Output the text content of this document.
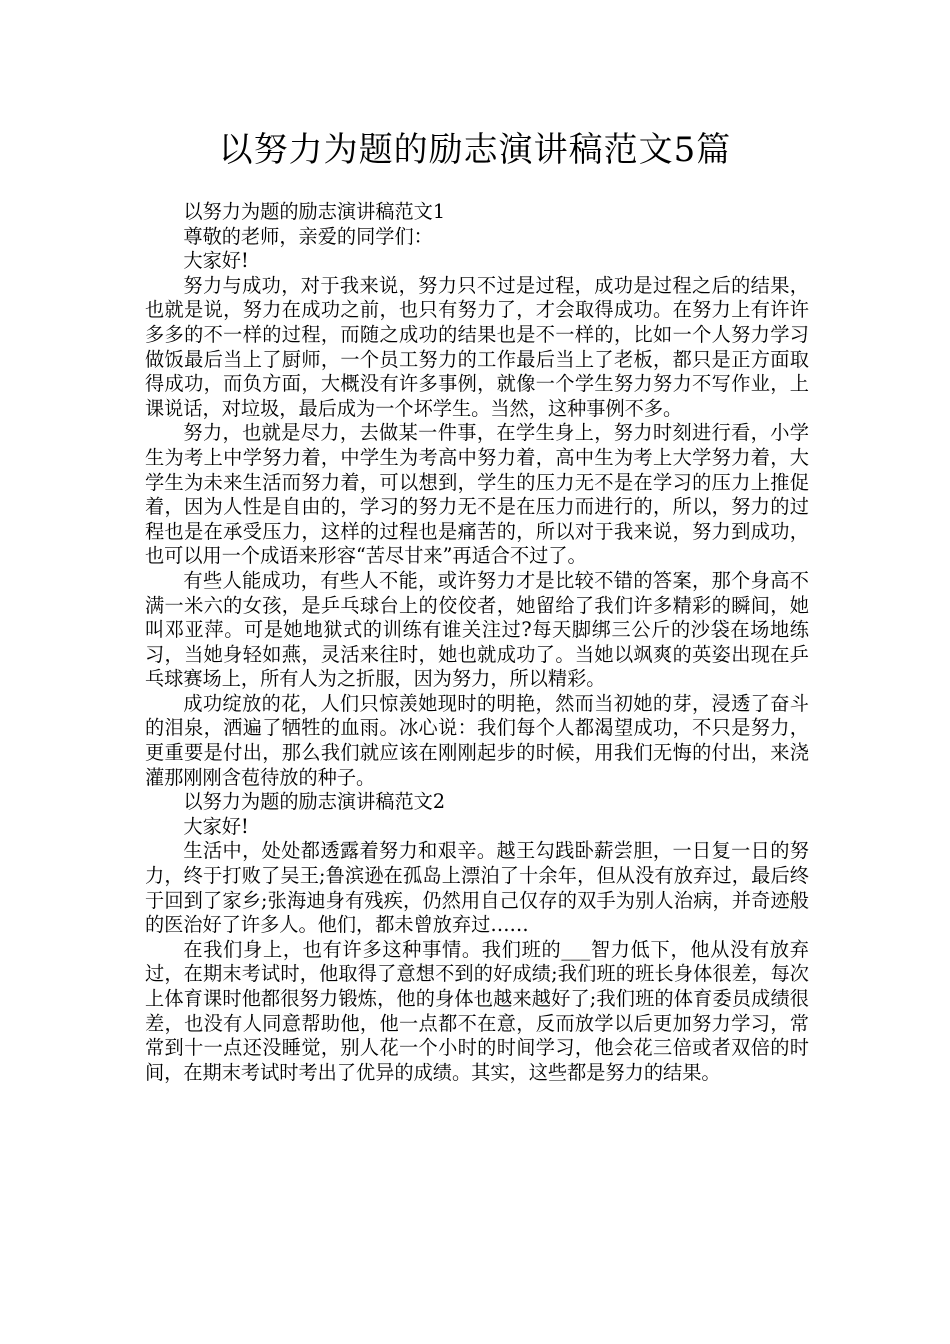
以努力为题的励志演讲稿范文5篇

以努力为题的励志演讲稿范文1

尊敬的老师，亲爱的同学们：

大家好!

努力与成功，对于我来说，努力只不过是过程，成功是过程之后的结果，也就是说，努力在成功之前，也只有努力了，才会取得成功。在努力上有许许多多的不一样的过程，而随之成功的结果也是不一样的，比如一个人努力学习做饭最后当上了厨师，一个员工努力的工作最后当上了老板，都只是正方面取得成功，而负方面，大概没有许多事例，就像一个学生努力努力不写作业，上课说话，对垃圾，最后成为一个坏学生。当然，这种事例不多。

努力，也就是尽力，去做某一件事，在学生身上，努力时刻进行看，小学生为考上中学努力着，中学生为考高中努力着，高中生为考上大学努力着，大学生为未来生活而努力着，可以想到，学生的压力无不是在学习的压力上推促着，因为人性是自由的，学习的努力无不是在压力而进行的，所以，努力的过程也是在承受压力，这样的过程也是痛苦的，所以对于我来说，努力到成功，也可以用一个成语来形容“苦尽甘来”再适合不过了。

有些人能成功，有些人不能，或许努力才是比较不错的答案，那个身高不满一米六的女孩，是乒乓球台上的佼佼者，她留给了我们许多精彩的瞬间，她叫邓亚萍。可是她地狱式的训练有谁关注过?每天脚绑三公斤的沙袋在场地练习，当她身轻如燕，灵活来往时，她也就成功了。当她以飒爽的英姿出现在乒乓球赛场上，所有人为之折服，因为努力，所以精彩。

成功绽放的花，人们只惊羡她现时的明艳，然而当初她的芽，浸透了奋斗的泪泉，洒遍了牺牲的血雨。冰心说：我们每个人都渴望成功，不只是努力，更重要是付出，那么我们就应该在刚刚起步的时候，用我们无悔的付出，来浇灌那刚刚含苞待放的种子。

以努力为题的励志演讲稿范文2

大家好!

生活中，处处都透露着努力和艰辛。越王勾践卧薪尝胆，一日复一日的努力，终于打败了吴王;鲁滨逊在孤岛上漂泊了十余年，但从没有放弃过，最后终于回到了家乡;张海迪身有残疾，仍然用自己仅存的双手为别人治病，并奇迹般的医治好了许多人。他们，都未曾放弃过……

在我们身上，也有许多这种事情。我们班的___智力低下，他从没有放弃过，在期末考试时，他取得了意想不到的好成绩;我们班的班长身体很差，每次上体育课时他都很努力锻炼，他的身体也越来越好了;我们班的体育委员成绩很差，也没有人同意帮助他，他一点都不在意，反而放学以后更加努力学习，常常到十一点还没睡觉，别人花一个小时的时间学习，他会花三倍或者双倍的时间，在期末考试时考出了优异的成绩。其实，这些都是努力的结果。
